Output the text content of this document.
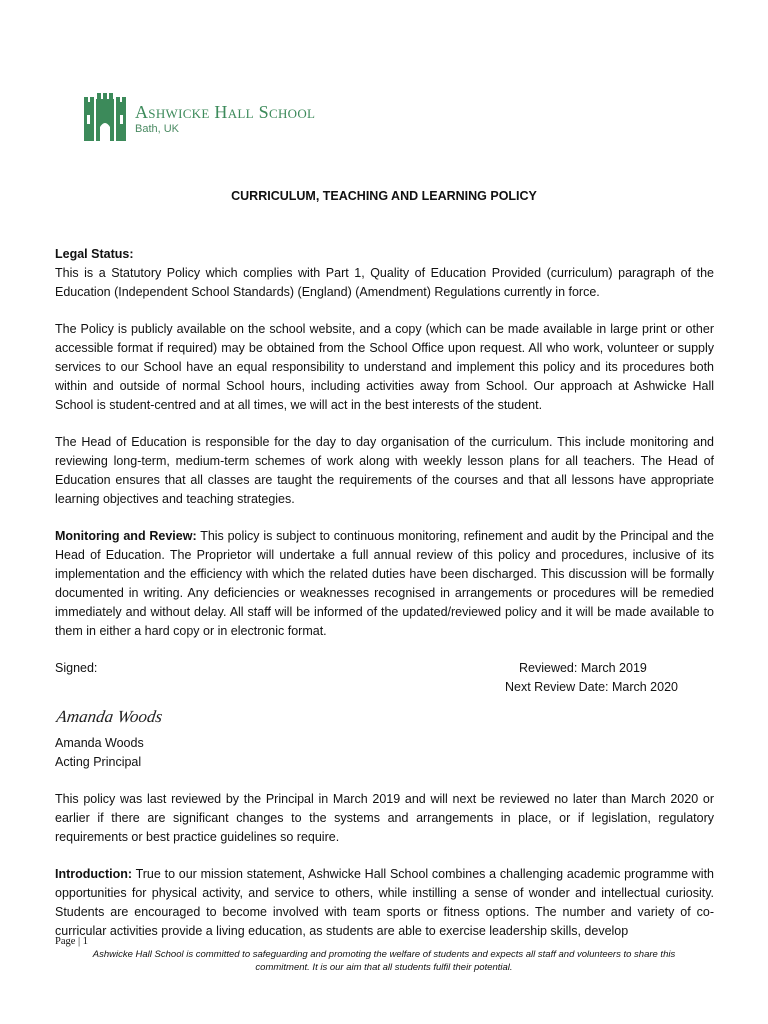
Ashwicke Hall School
Bath, UK
CURRICULUM, TEACHING AND LEARNING POLICY

Legal Status:

This is a Statutory Policy which complies with Part 1, Quality of Education Provided (curriculum) paragraph of the Education (Independent School Standards) (England) (Amendment) Regulations currently in force.

The Policy is publicly available on the school website, and a copy (which can be made available in large print or other accessible format if required) may be obtained from the School Office upon request. All who work, volunteer or supply services to our School have an equal responsibility to understand and implement this policy and its procedures both within and outside of normal School hours, including activities away from School. Our approach at Ashwicke Hall School is student-centred and at all times, we will act in the best interests of the student.

The Head of Education is responsible for the day to day organisation of the curriculum. This include monitoring and reviewing long-term, medium-term schemes of work along with weekly lesson plans for all teachers. The Head of Education ensures that all classes are taught the requirements of the courses and that all lessons have appropriate learning objectives and teaching strategies.

Monitoring and Review: This policy is subject to continuous monitoring, refinement and audit by the Principal and the Head of Education. The Proprietor will undertake a full annual review of this policy and procedures, inclusive of its implementation and the efficiency with which the related duties have been discharged. This discussion will be formally documented in writing. Any deficiencies or weaknesses recognised in arrangements or procedures will be remedied immediately and without delay. All staff will be informed of the updated/reviewed policy and it will be made available to them in either a hard copy or in electronic format.

Signed:	Reviewed: March 2019
Next Review Date: March 2020
Amanda Woods
Amanda Woods
Acting Principal

This policy was last reviewed by the Principal in March 2019 and will next be reviewed no later than March 2020 or earlier if there are significant changes to the systems and arrangements in place, or if legislation, regulatory requirements or best practice guidelines so require.

Introduction: True to our mission statement, Ashwicke Hall School combines a challenging academic programme with opportunities for physical activity, and service to others, while instilling a sense of wonder and intellectual curiosity. Students are encouraged to become involved with team sports or fitness options. The number and variety of co-curricular activities provide a living education, as students are able to exercise leadership skills, develop

Page | 1
Ashwicke Hall School is committed to safeguarding and promoting the welfare of students and expects all staff and volunteers to share this
commitment. It is our aim that all students fulfil their potential.
